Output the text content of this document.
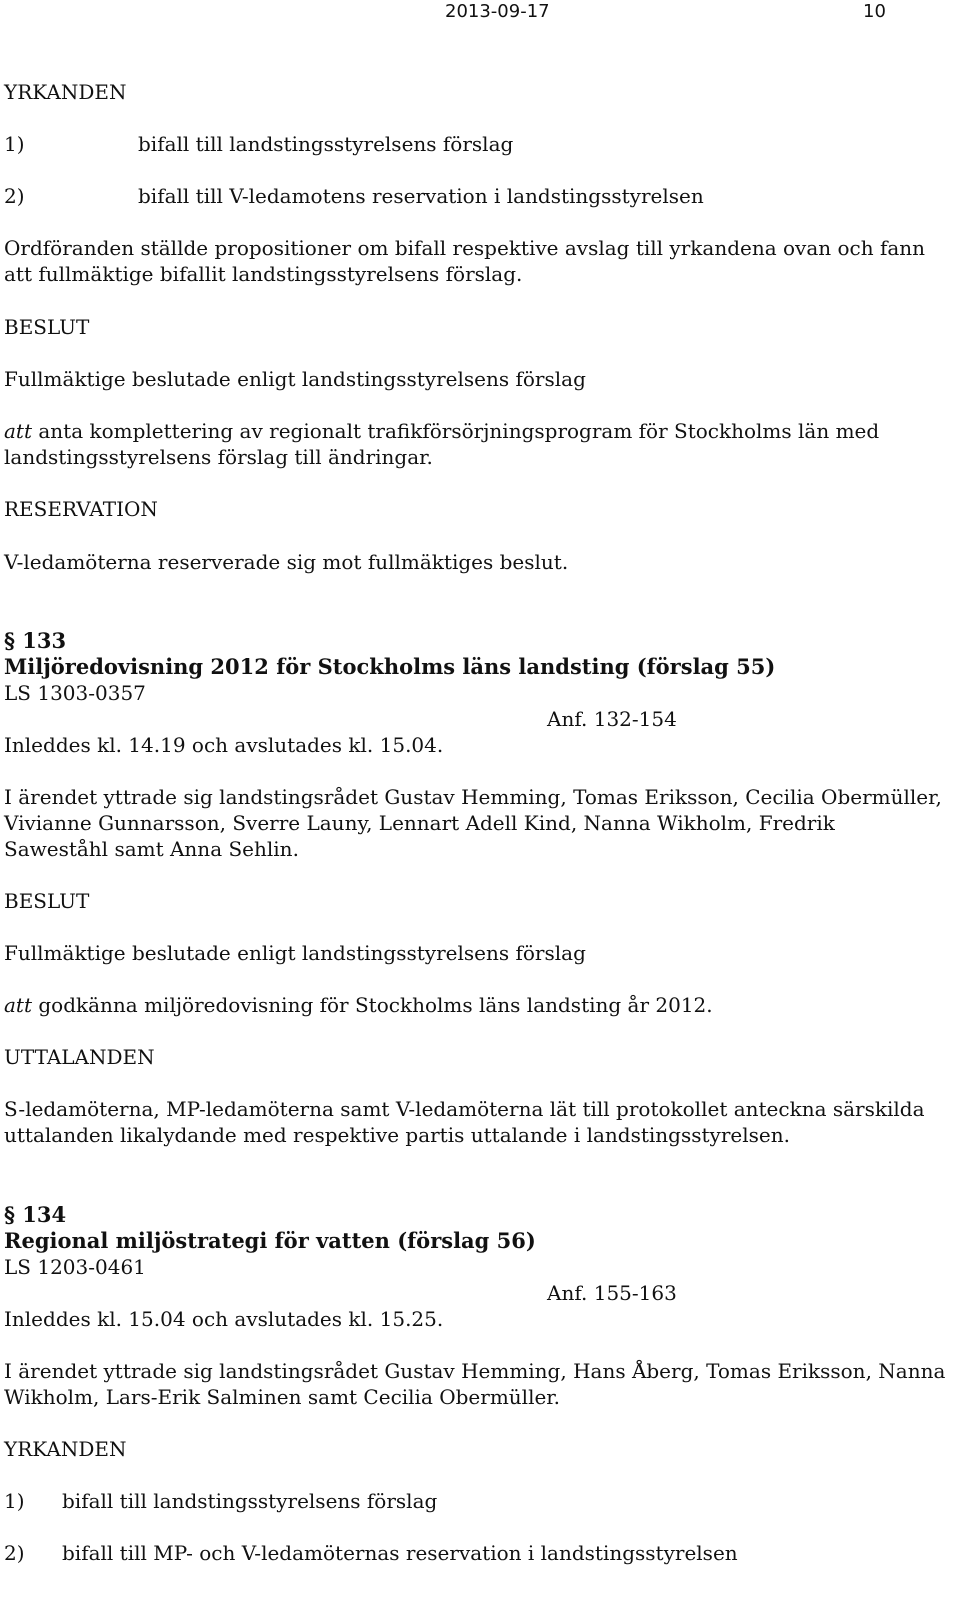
2013-09-17	10
YRKANDEN
1)	bifall till landstingsstyrelsens förslag
2)	bifall till V-ledamotens reservation i landstingsstyrelsen
Ordföranden ställde propositioner om bifall respektive avslag till yrkandena ovan och fann
att fullmäktige bifallit landstingsstyrelsens förslag.
BESLUT
Fullmäktige beslutade enligt landstingsstyrelsens förslag
att anta komplettering av regionalt trafikförsörjningsprogram för Stockholms län med
landstingsstyrelsens förslag till ändringar.
RESERVATION
V-ledamöterna reserverade sig mot fullmäktiges beslut.
§ 133
Miljöredovisning 2012 för Stockholms läns landsting (förslag 55)
LS 1303-0357
Anf. 132-154
Inleddes kl. 14.19 och avslutades kl. 15.04.
I ärendet yttrade sig landstingsrådet Gustav Hemming, Tomas Eriksson, Cecilia Obermüller,
Vivianne Gunnarsson, Sverre Launy, Lennart Adell Kind, Nanna Wikholm, Fredrik
Saweståhl samt Anna Sehlin.
BESLUT
Fullmäktige beslutade enligt landstingsstyrelsens förslag
att godkänna miljöredovisning för Stockholms läns landsting år 2012.
UTTALANDEN
S-ledamöterna, MP-ledamöterna samt V-ledamöterna lät till protokollet anteckna särskilda
uttalanden likalydande med respektive partis uttalande i landstingsstyrelsen.
§ 134
Regional miljöstrategi för vatten (förslag 56)
LS 1203-0461
Anf. 155-163
Inleddes kl. 15.04 och avslutades kl. 15.25.
I ärendet yttrade sig landstingsrådet Gustav Hemming, Hans Åberg, Tomas Eriksson, Nanna
Wikholm, Lars-Erik Salminen samt Cecilia Obermüller.
YRKANDEN
1) bifall till landstingsstyrelsens förslag
2) bifall till MP- och V-ledamöternas reservation i landstingsstyrelsen
